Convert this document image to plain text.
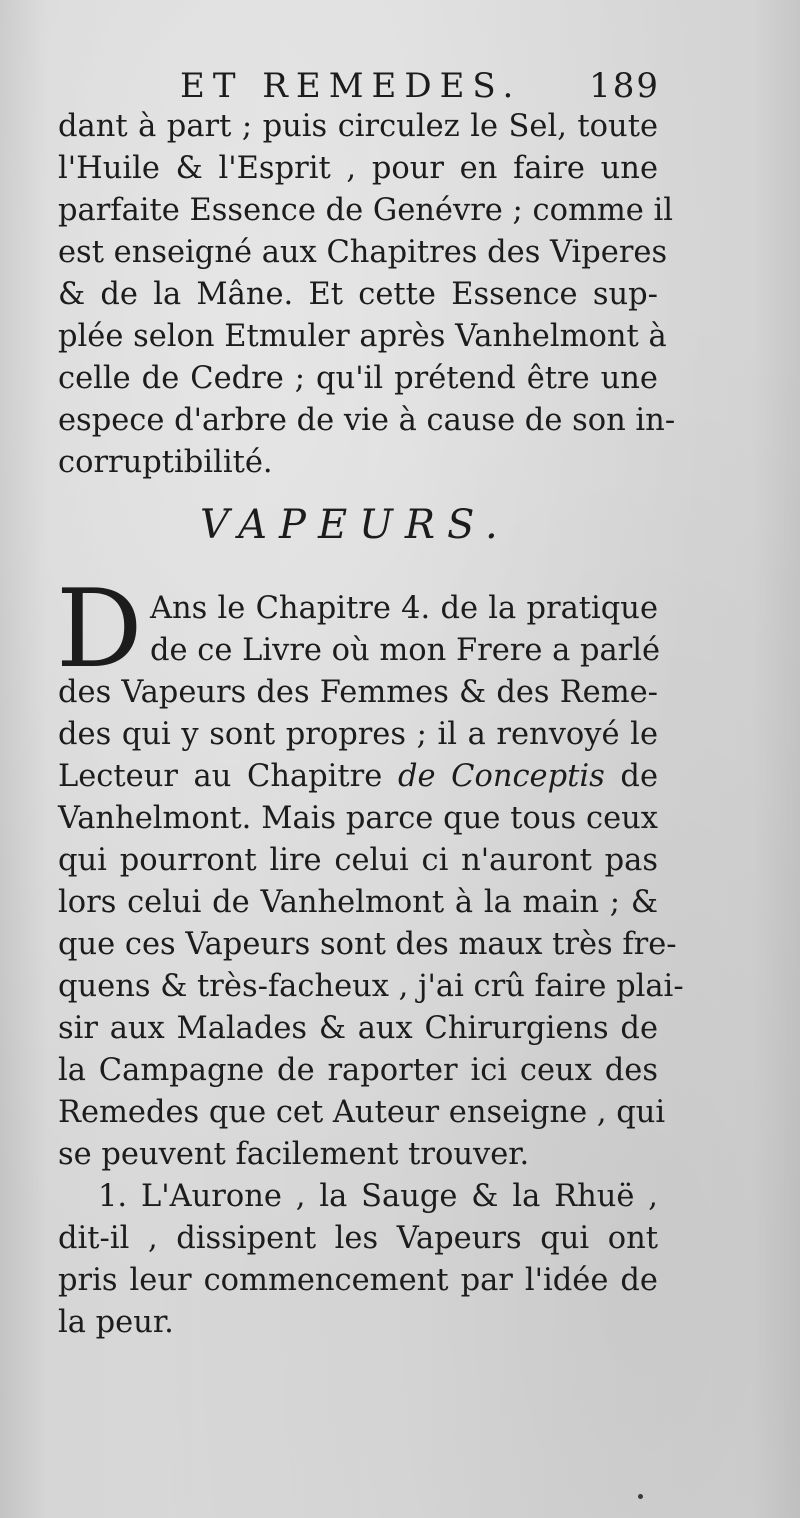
ET REMEDES. 189
dant à part ; puis circulez le Sel, toute
l'Huile & l'Esprit , pour en faire une
parfaite Essence de Genévre ; comme il
est enseigné aux Chapitres des Viperes
& de la Mâne. Et cette Essence sup-
plée selon Etmuler après Vanhelmont à
celle de Cedre ; qu'il prétend être une
espece d'arbre de vie à cause de son in-
corruptibilité.
VAPEURS.
D Ans le Chapitre 4. de la pratique
de ce Livre où mon Frere a parlé
des Vapeurs des Femmes & des Reme-
des qui y sont propres ; il a renvoyé le
Lecteur au Chapitre de Conceptis de
Vanhelmont. Mais parce que tous ceux
qui pourront lire celui ci n'auront pas
lors celui de Vanhelmont à la main ; &
que ces Vapeurs sont des maux très fre-
quens & très-facheux , j'ai crû faire plai-
sir aux Malades & aux Chirurgiens de
la Campagne de raporter ici ceux des
Remedes que cet Auteur enseigne , qui
se peuvent facilement trouver.
1. L'Aurone , la Sauge & la Rhuë ,
dit-il , dissipent les Vapeurs qui ont
pris leur commencement par l'idée de
la peur.
